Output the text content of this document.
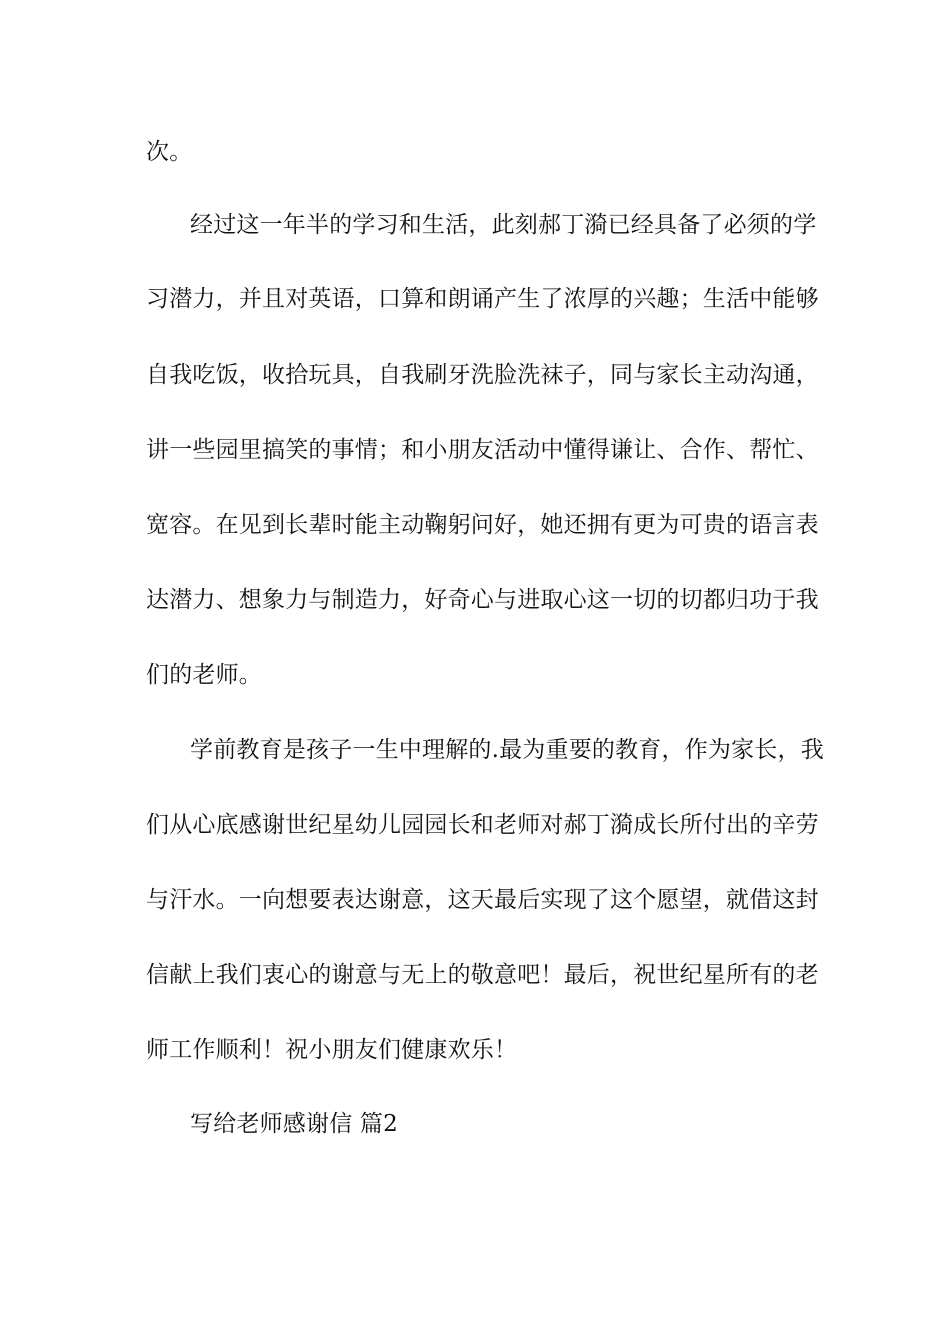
次。
经过这一年半的学习和生活，此刻郝丁漪已经具备了必须的学
习潜力，并且对英语，口算和朗诵产生了浓厚的兴趣；生活中能够
自我吃饭，收拾玩具，自我刷牙洗脸洗袜子，同与家长主动沟通，
讲一些园里搞笑的事情；和小朋友活动中懂得谦让、合作、帮忙、
宽容。在见到长辈时能主动鞠躬问好，她还拥有更为可贵的语言表
达潜力、想象力与制造力，好奇心与进取心这一切的切都归功于我
们的老师。
学前教育是孩子一生中理解的.最为重要的教育，作为家长，我
们从心底感谢世纪星幼儿园园长和老师对郝丁漪成长所付出的辛劳
与汗水。一向想要表达谢意，这天最后实现了这个愿望，就借这封
信献上我们衷心的谢意与无上的敬意吧！最后，祝世纪星所有的老
师工作顺利！祝小朋友们健康欢乐！
写给老师感谢信 篇2
